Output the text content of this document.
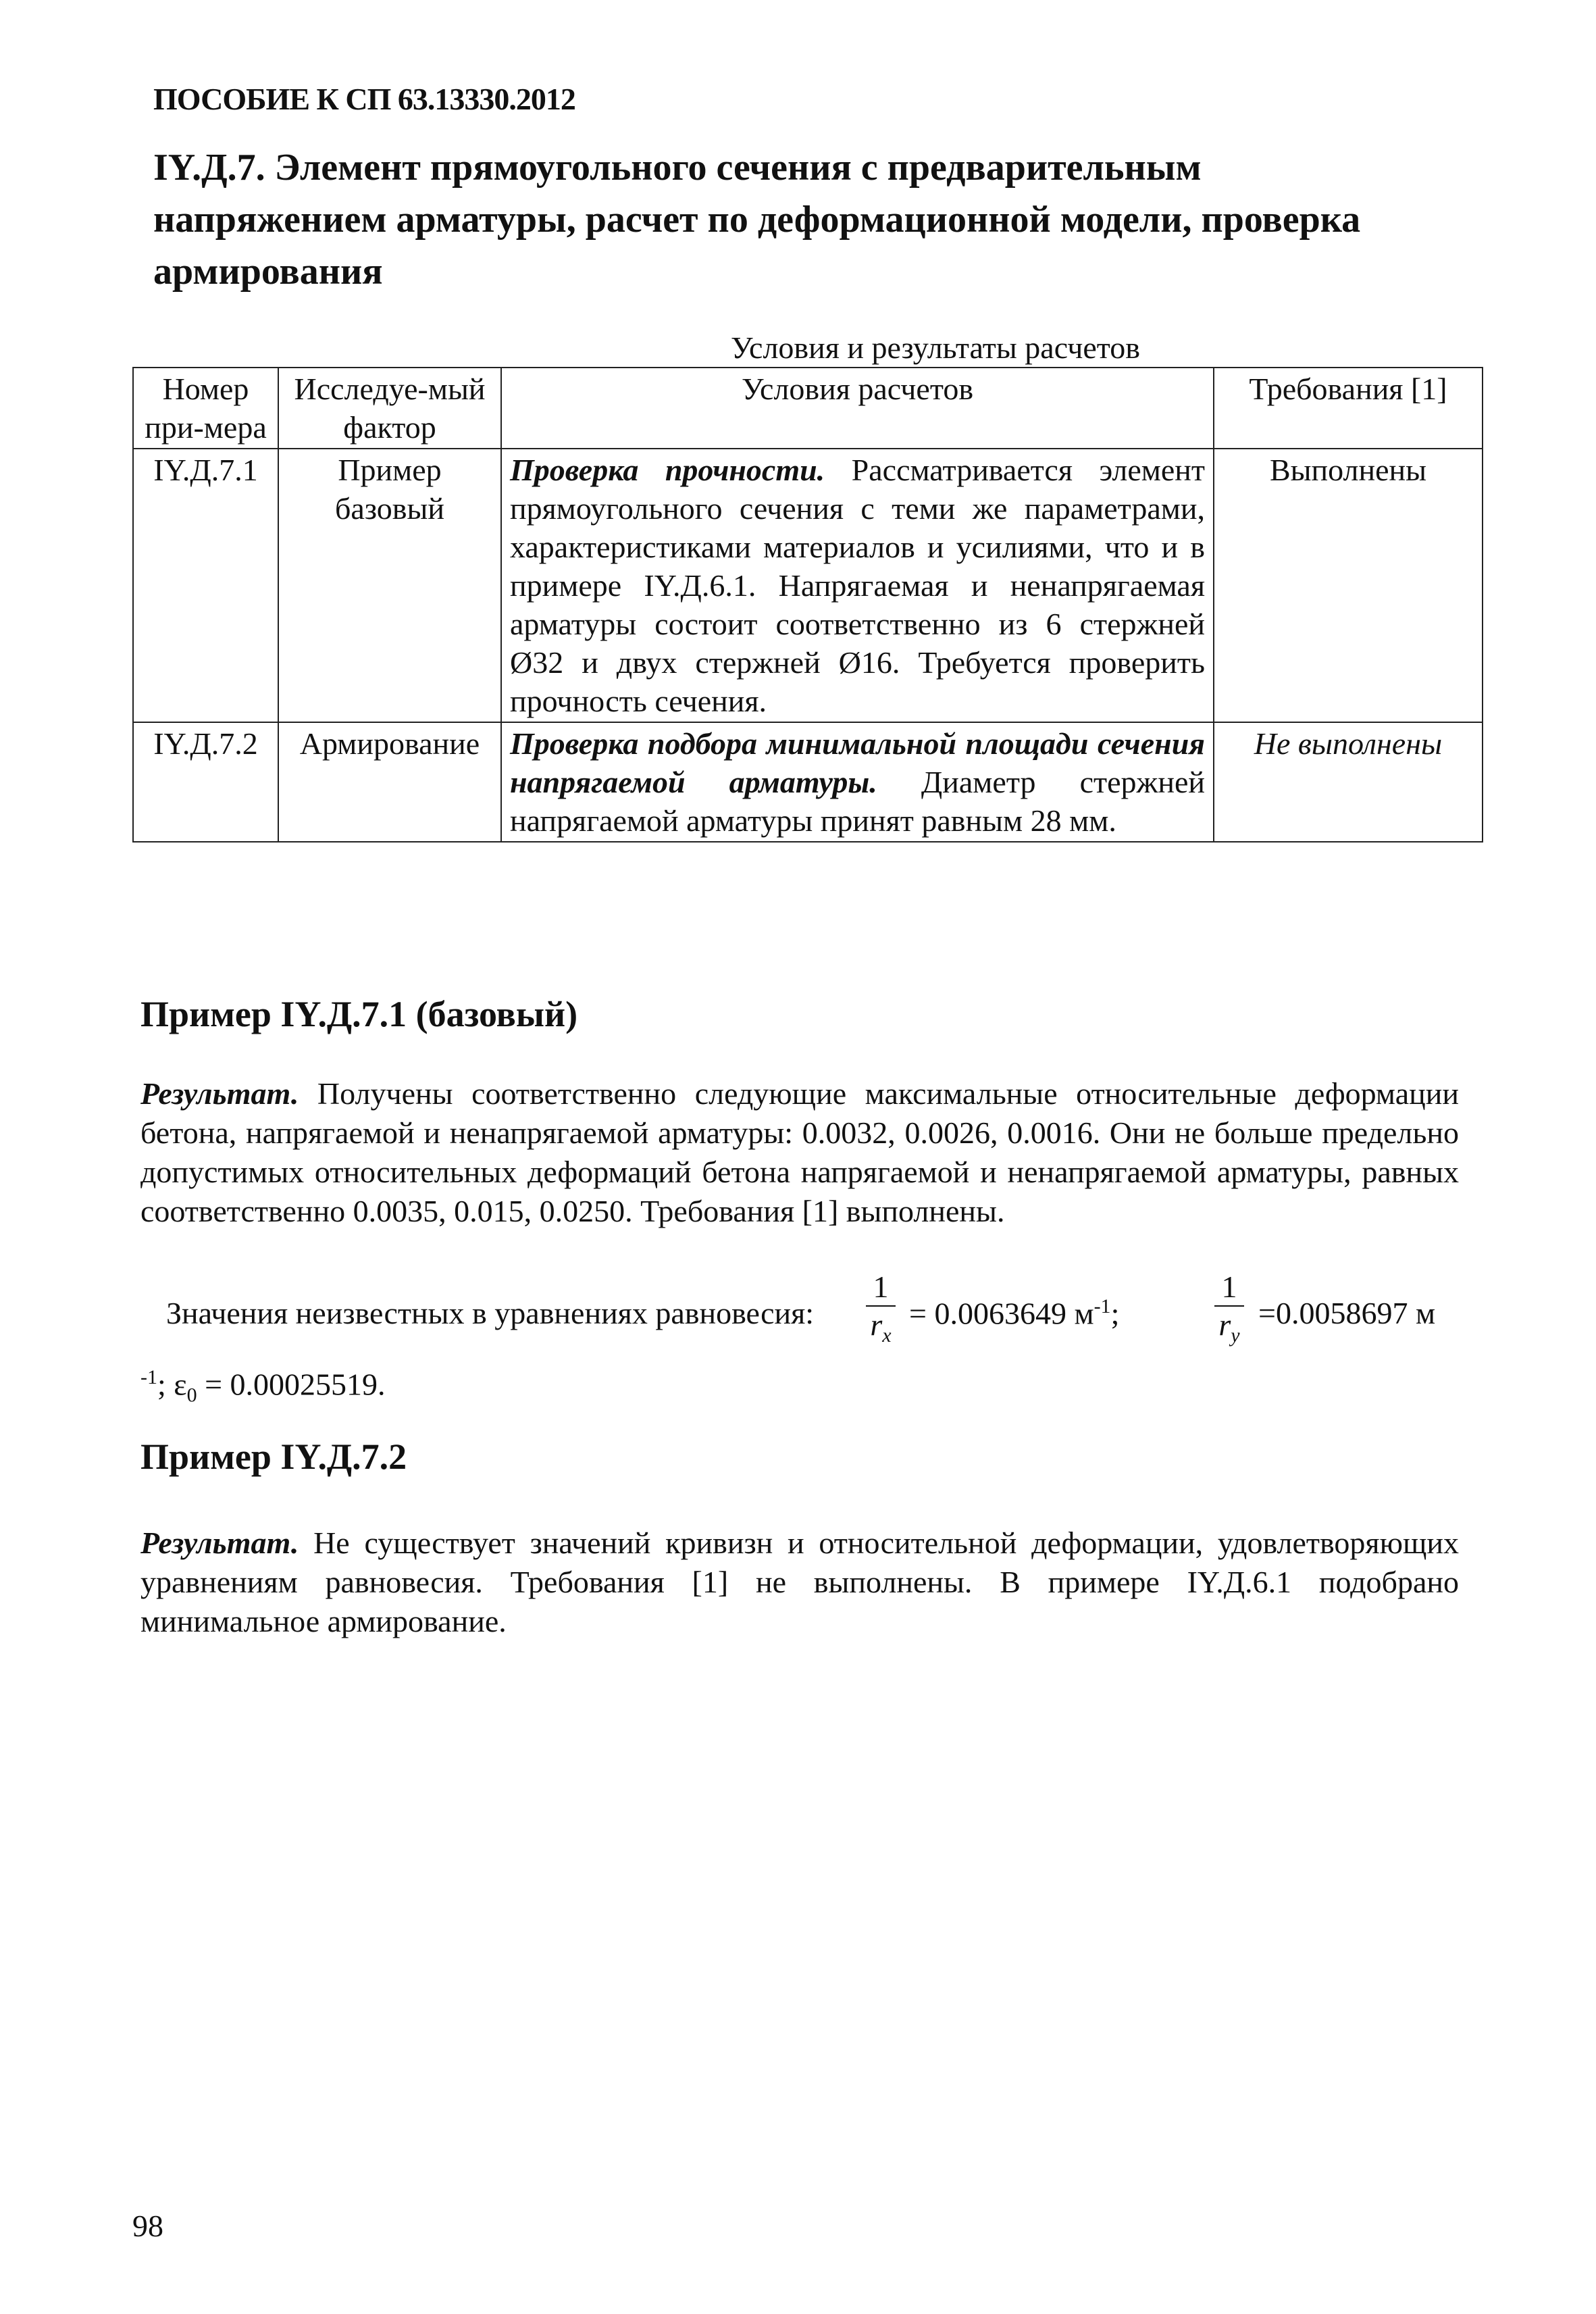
ПОСОБИЕ К СП 63.13330.2012
IY.Д.7. Элемент прямоугольного сечения с предварительным напряжением арматуры, расчет по деформационной модели, проверка армирования
Условия и результаты расчетов
Номер при-мера	Исследуе-мый фактор	Условия расчетов	Требования [1]
IY.Д.7.1	Пример базовый	Проверка прочности. Рассматривается элемент прямоугольного сечения с теми же параметрами, характеристиками материалов и усилиями, что и в примере IY.Д.6.1. Напрягаемая и ненапрягаемая арматуры состоит соответственно из 6 стержней Ø32 и двух стержней Ø16. Требуется проверить прочность сечения.	Выполнены
IY.Д.7.2	Армирование	Проверка подбора минимальной площади сечения напрягаемой арматуры. Диаметр стержней напрягаемой арматуры принят равным 28 мм.	Не выполнены
Пример IY.Д.7.1 (базовый)
Результат. Получены соответственно следующие максимальные относительные деформации бетона, напрягаемой и ненапрягаемой арматуры: 0.0032, 0.0026, 0.0016. Они не больше предельно допустимых относительных деформаций бетона напрягаемой и ненапрягаемой арматуры, равных соответственно 0.0035, 0.015, 0.0250. Требования [1] выполнены.
Значения неизвестных в уравнениях равновесия:
1
$r_x$
= 0.0063649 $м^{-1}$;
1
$r_y$
=0.0058697 м
$^{-1}$; $\varepsilon_0 = 0.00025519$.
Пример IY.Д.7.2
Результат. Не существует значений кривизн и относительной деформации, удовлетворяющих уравнениям равновесия. Требования [1] не выполнены. В примере IY.Д.6.1 подобрано минимальное армирование.
98
